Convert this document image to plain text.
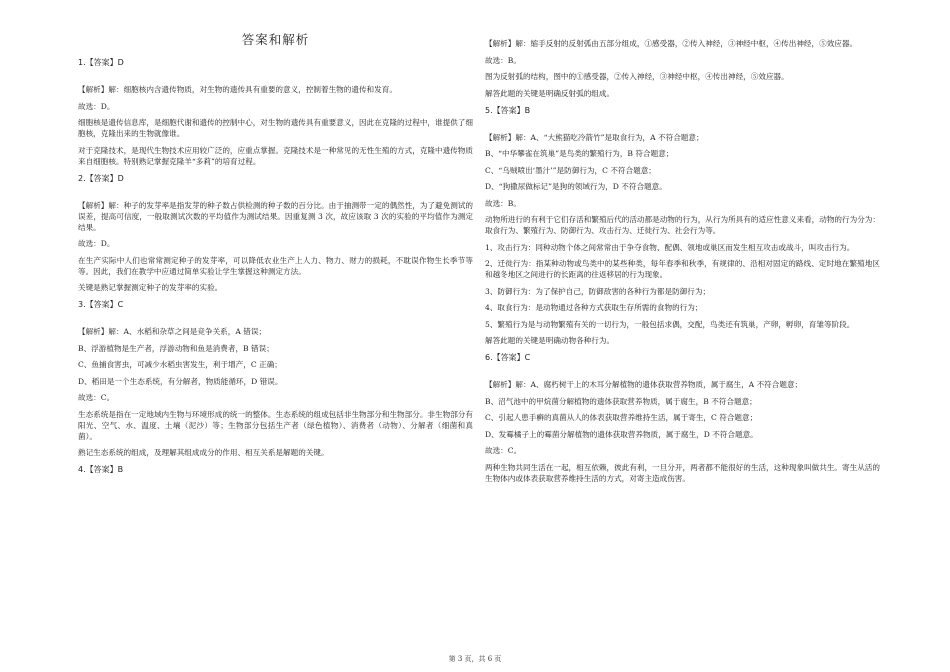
答案和解析
1.【答案】D
【解析】解：细胞核内含遗传物质，对生物的遗传具有重要的意义，控制着生物的遗传和发育。
故选：D。
细胞核是遗传信息库，是细胞代谢和遗传的控制中心，对生物的遗传具有重要意义，因此在克隆的过程中，谁提供了细胞核，克隆出来的生物就像谁。
对于克隆技术，是现代生物技术应用较广泛的，应重点掌握。克隆技术是一种常见的无性生殖的方式，克隆中遗传物质来自细胞核。特别熟记掌握克隆羊“多莉”的培育过程。
2.【答案】D
【解析】解：种子的发芽率是指发芽的种子数占供检测的种子数的百分比。由于抽测带一定的偶然性，为了避免测试的误差，提高可信度，一般取测试次数的平均值作为测试结果。因重复测 3 次，故应该取 3 次的实验的平均值作为测定结果。
故选：D。
在生产实际中人们也常常测定种子的发芽率，可以降低农业生产上人力、物力、财力的损耗，不耽误作物生长季节等等。因此，我们在教学中应通过简单实验让学生掌握这种测定方法。
关键是熟记掌握测定种子的发芽率的实验。
3.【答案】C
【解析】解：A、水稻和杂草之间是竞争关系，A 错误；
B、浮游植物是生产者，浮游动物和鱼是消费者，B 错误；
C、鱼捕食害虫，可减少水稻虫害发生，利于增产，C 正确；
D、稻田是一个生态系统，有分解者，物质能循环，D 错误。
故选：C。
生态系统是指在一定地域内生物与环境形成的统一的整体。生态系统的组成包括非生物部分和生物部分。非生物部分有阳光、空气、水、温度、土壤（泥沙）等；生物部分包括生产者（绿色植物）、消费者（动物）、分解者（细菌和真菌）。
熟记生态系统的组成，及理解其组成成分的作用、相互关系是解题的关键。
4.【答案】B
【解析】解：缩手反射的反射弧由五部分组成，①感受器，②传入神经，③神经中枢，④传出神经，⑤效应器。
故选：B。
图为反射弧的结构，图中的①感受器，②传入神经，③神经中枢，④传出神经，⑤效应器。
解答此题的关键是明确反射弧的组成。
5.【答案】B
【解析】解：A、“大熊猫吃冷箭竹”是取食行为，A 不符合题意；
B、“中华攀雀在筑巢”是鸟类的繁殖行为，B 符合题意；
C、“乌贼喷出‘墨汁’”是防御行为，C 不符合题意；
D、“狗撒尿做标记”是狗的领域行为，D 不符合题意。
故选：B。
动物所进行的有利于它们存活和繁殖后代的活动都是动物的行为，从行为所具有的适应性意义来看，动物的行为分为：取食行为、繁殖行为、防御行为、攻击行为、迁徙行为、社会行为等。
1、攻击行为：同种动物个体之间常常由于争夺食物、配偶、领地或巢区而发生相互攻击或战斗，叫攻击行为。
2、迁徙行为：指某种动物或鸟类中的某些种类，每年春季和秋季，有规律的、沿相对固定的路线、定时地在繁殖地区和越冬地区之间进行的长距离的往返移居的行为现象。
3、防御行为：为了保护自己，防御敌害的各种行为都是防御行为；
4、取食行为：是动物通过各种方式获取生存所需的食物的行为；
5、繁殖行为是与动物繁殖有关的一切行为，一般包括求偶，交配，鸟类还有筑巢，产卵，孵卵，育雏等阶段。
解答此题的关键是明确动物各种行为。
6.【答案】C
【解析】解：A、腐朽树干上的木耳分解植物的遗体获取营养物质，属于腐生，A 不符合题意；
B、沼气池中的甲烷菌分解植物的遗体获取营养物质，属于腐生，B 不符合题意；
C、引起人患手癣的真菌从人的体表获取营养维持生活，属于寄生，C 符合题意；
D、发霉橘子上的霉菌分解植物的遗体获取营养物质，属于腐生，D 不符合题意。
故选：C。
两种生物共同生活在一起，相互依赖，彼此有利，一旦分开，两者都不能很好的生活，这种现象叫做共生。寄生从活的生物体内或体表获取营养维持生活的方式，对寄主造成伤害。
第 3 页，共 6 页
